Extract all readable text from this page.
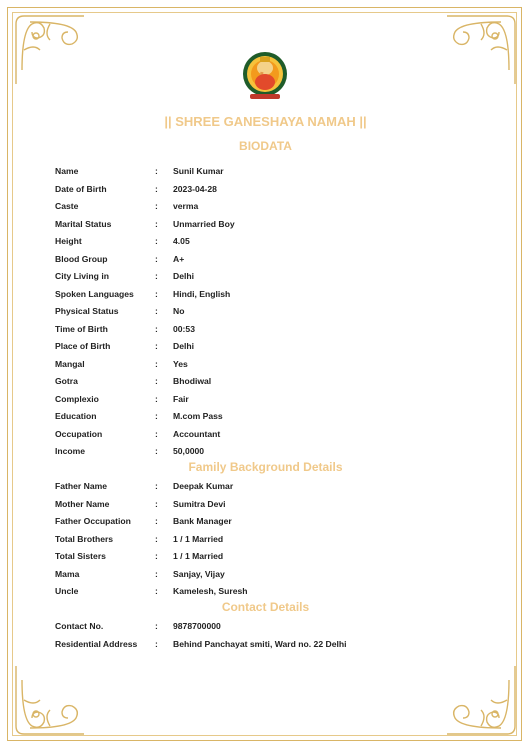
|| SHREE GANESHAYA NAMAH ||
BIODATA
Name	: Sunil Kumar
Date of Birth	: 2023-04-28
Caste	: verma
Marital Status	: Unmarried Boy
Height	: 4.05
Blood Group	: A+
City Living in	: Delhi
Spoken Languages : Hindi, English
Physical Status	: No
Time of Birth	: 00:53
Place of Birth	: Delhi
Mangal	: Yes
Gotra	: Bhodiwal
Complexio	: Fair
Education	: M.com Pass
Occupation	: Accountant
Income	: 50,0000
Family Background Details
Father Name	: Deepak Kumar
Mother Name	: Sumitra Devi
Father Occupation	: Bank Manager
Total Brothers	: 1 / 1 Married
Total Sisters	: 1 / 1 Married
Mama	: Sanjay, Vijay
Uncle	: Kamelesh, Suresh
Contact Details
Contact No.	: 9878700000
Residential Address : Behind Panchayat smiti, Ward no. 22 Delhi
